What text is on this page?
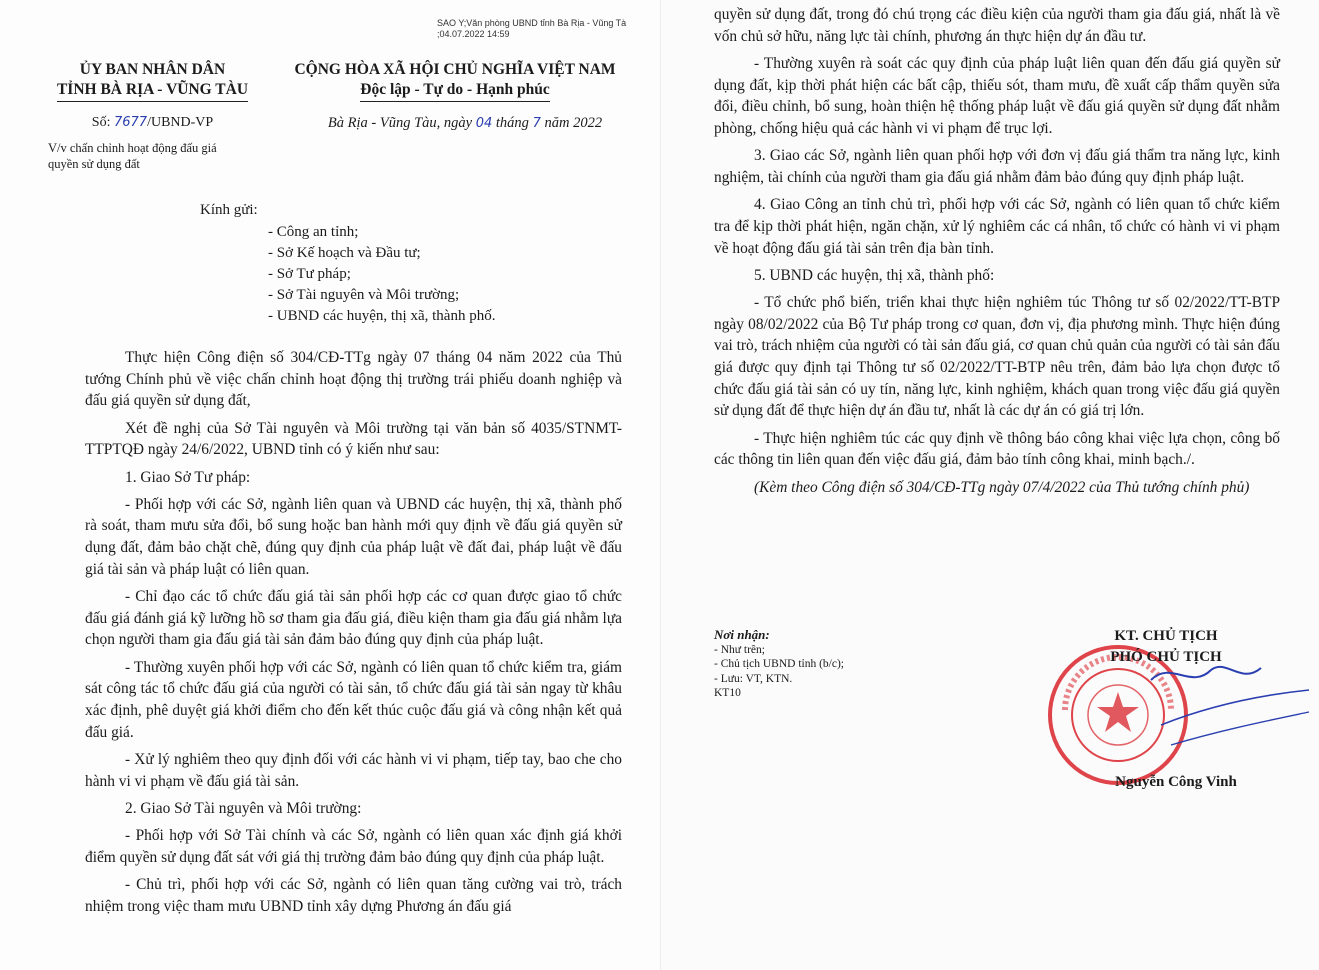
SAO Y;Văn phòng UBND tỉnh Bà Rịa - Vũng Tà
;04.07.2022 14:59
ỦY BAN NHÂN DÂN
TỈNH BÀ RỊA - VŨNG TÀU
CỘNG HÒA XÃ HỘI CHỦ NGHĨA VIỆT NAM
Độc lập - Tự do - Hạnh phúc
Số: 7677/UBND-VP
V/v chấn chỉnh hoạt động đấu giá
quyền sử dụng đất
Bà Rịa - Vũng Tàu, ngày 04 tháng 7 năm 2022
Kính gửi:
- Công an tỉnh;
- Sở Kế hoạch và Đầu tư;
- Sở Tư pháp;
- Sở Tài nguyên và Môi trường;
- UBND các huyện, thị xã, thành phố.

Thực hiện Công điện số 304/CĐ-TTg ngày 07 tháng 04 năm 2022 của Thủ tướng Chính phủ về việc chấn chỉnh hoạt động thị trường trái phiếu doanh nghiệp và đấu giá quyền sử dụng đất,

Xét đề nghị của Sở Tài nguyên và Môi trường tại văn bản số 4035/STNMT-TTPTQĐ ngày 24/6/2022, UBND tỉnh có ý kiến như sau:

1. Giao Sở Tư pháp:

- Phối hợp với các Sở, ngành liên quan và UBND các huyện, thị xã, thành phố rà soát, tham mưu sửa đổi, bổ sung hoặc ban hành mới quy định về đấu giá quyền sử dụng đất, đảm bảo chặt chẽ, đúng quy định của pháp luật về đất đai, pháp luật về đấu giá tài sản và pháp luật có liên quan.

- Chỉ đạo các tổ chức đấu giá tài sản phối hợp các cơ quan được giao tổ chức đấu giá đánh giá kỹ lưỡng hồ sơ tham gia đấu giá, điều kiện tham gia đấu giá nhằm lựa chọn người tham gia đấu giá tài sản đảm bảo đúng quy định của pháp luật.

- Thường xuyên phối hợp với các Sở, ngành có liên quan tổ chức kiểm tra, giám sát công tác tổ chức đấu giá của người có tài sản, tổ chức đấu giá tài sản ngay từ khâu xác định, phê duyệt giá khởi điểm cho đến kết thúc cuộc đấu giá và công nhận kết quả đấu giá.

- Xử lý nghiêm theo quy định đối với các hành vi vi phạm, tiếp tay, bao che cho hành vi vi phạm về đấu giá tài sản.

2. Giao Sở Tài nguyên và Môi trường:

- Phối hợp với Sở Tài chính và các Sở, ngành có liên quan xác định giá khởi điểm quyền sử dụng đất sát với giá thị trường đảm bảo đúng quy định của pháp luật.

- Chủ trì, phối hợp với các Sở, ngành có liên quan tăng cường vai trò, trách nhiệm trong việc tham mưu UBND tỉnh xây dựng Phương án đấu giá

quyền sử dụng đất, trong đó chú trọng các điều kiện của người tham gia đấu giá, nhất là về vốn chủ sở hữu, năng lực tài chính, phương án thực hiện dự án đầu tư.

- Thường xuyên rà soát các quy định của pháp luật liên quan đến đấu giá quyền sử dụng đất, kịp thời phát hiện các bất cập, thiếu sót, tham mưu, đề xuất cấp thẩm quyền sửa đổi, điều chỉnh, bổ sung, hoàn thiện hệ thống pháp luật về đấu giá quyền sử dụng đất nhằm phòng, chống hiệu quả các hành vi vi phạm để trục lợi.

3. Giao các Sở, ngành liên quan phối hợp với đơn vị đấu giá thẩm tra năng lực, kinh nghiệm, tài chính của người tham gia đấu giá nhằm đảm bảo đúng quy định pháp luật.

4. Giao Công an tỉnh chủ trì, phối hợp với các Sở, ngành có liên quan tổ chức kiểm tra để kịp thời phát hiện, ngăn chặn, xử lý nghiêm các cá nhân, tổ chức có hành vi vi phạm về hoạt động đấu giá tài sản trên địa bàn tỉnh.

5. UBND các huyện, thị xã, thành phố:

- Tổ chức phổ biến, triển khai thực hiện nghiêm túc Thông tư số 02/2022/TT-BTP ngày 08/02/2022 của Bộ Tư pháp trong cơ quan, đơn vị, địa phương mình. Thực hiện đúng vai trò, trách nhiệm của người có tài sản đấu giá, cơ quan chủ quản của người có tài sản đấu giá được quy định tại Thông tư số 02/2022/TT-BTP nêu trên, đảm bảo lựa chọn được tổ chức đấu giá tài sản có uy tín, năng lực, kinh nghiệm, khách quan trong việc đấu giá quyền sử dụng đất để thực hiện dự án đầu tư, nhất là các dự án có giá trị lớn.

- Thực hiện nghiêm túc các quy định về thông báo công khai việc lựa chọn, công bố các thông tin liên quan đến việc đấu giá, đảm bảo tính công khai, minh bạch./.

(Kèm theo Công điện số 304/CĐ-TTg ngày 07/4/2022 của Thủ tướng chính phủ)

Nơi nhận:
- Như trên;
- Chủ tịch UBND tỉnh (b/c);
- Lưu: VT, KTN.
KT10
KT. CHỦ TỊCH
PHÓ CHỦ TỊCH
Nguyễn Công Vinh
